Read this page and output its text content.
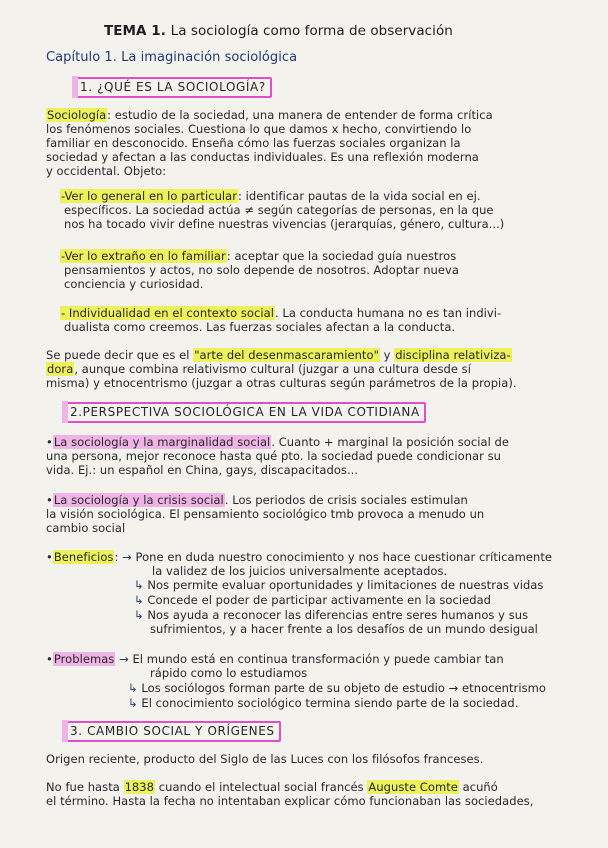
TEMA 1. La sociología como forma de observación
Capítulo 1. La imaginación sociológica
1. ¿QUÉ ES LA SOCIOLOGÍA?
Sociología: estudio de la sociedad, una manera de entender de forma crítica
los fenómenos sociales. Cuestiona lo que damos x hecho, convirtiendo lo
familiar en desconocido. Enseña cómo las fuerzas sociales organizan la
sociedad y afectan a las conductas individuales. Es una reflexión moderna
y occidental. Objeto:
-Ver lo general en lo particular: identificar pautas de la vida social en ej.
específicos. La sociedad actúa ≠ según categorías de personas, en la que
nos ha tocado vivir define nuestras vivencias (jerarquías, género, cultura...)
-Ver lo extraño en lo familiar: aceptar que la sociedad guía nuestros
pensamientos y actos, no solo depende de nosotros. Adoptar nueva
conciencia y curiosidad.
- Individualidad en el contexto social. La conducta humana no es tan indivi-
dualista como creemos. Las fuerzas sociales afectan a la conducta.
Se puede decir que es el "arte del desenmascaramiento" y disciplina relativiza-
dora, aunque combina relativismo cultural (juzgar a una cultura desde sí
misma) y etnocentrismo (juzgar a otras culturas según parámetros de la propia).
2.PERSPECTIVA SOCIOLÓGICA EN LA VIDA COTIDIANA
•La sociología y la marginalidad social. Cuanto + marginal la posición social de
una persona, mejor reconoce hasta qué pto. la sociedad puede condicionar su
vida. Ej.: un español en China, gays, discapacitados...
•La sociología y la crisis social. Los periodos de crisis sociales estimulan
la visión sociológica. El pensamiento sociológico tmb provoca a menudo un
cambio social
•Beneficios: → Pone en duda nuestro conocimiento y nos hace cuestionar críticamente
la validez de los juicios universalmente aceptados.
↳ Nos permite evaluar oportunidades y limitaciones de nuestras vidas
↳ Concede el poder de participar activamente en la sociedad
↳ Nos ayuda a reconocer las diferencias entre seres humanos y sus
sufrimientos, y a hacer frente a los desafíos de un mundo desigual
•Problemas → El mundo está en continua transformación y puede cambiar tan
rápido como lo estudiamos
↳ Los sociólogos forman parte de su objeto de estudio → etnocentrismo
↳ El conocimiento sociológico termina siendo parte de la sociedad.
3. CAMBIO SOCIAL Y ORÍGENES
Origen reciente, producto del Siglo de las Luces con los filósofos franceses.
No fue hasta 1838 cuando el intelectual social francés Auguste Comte acuñó
el término. Hasta la fecha no intentaban explicar cómo funcionaban las sociedades,
